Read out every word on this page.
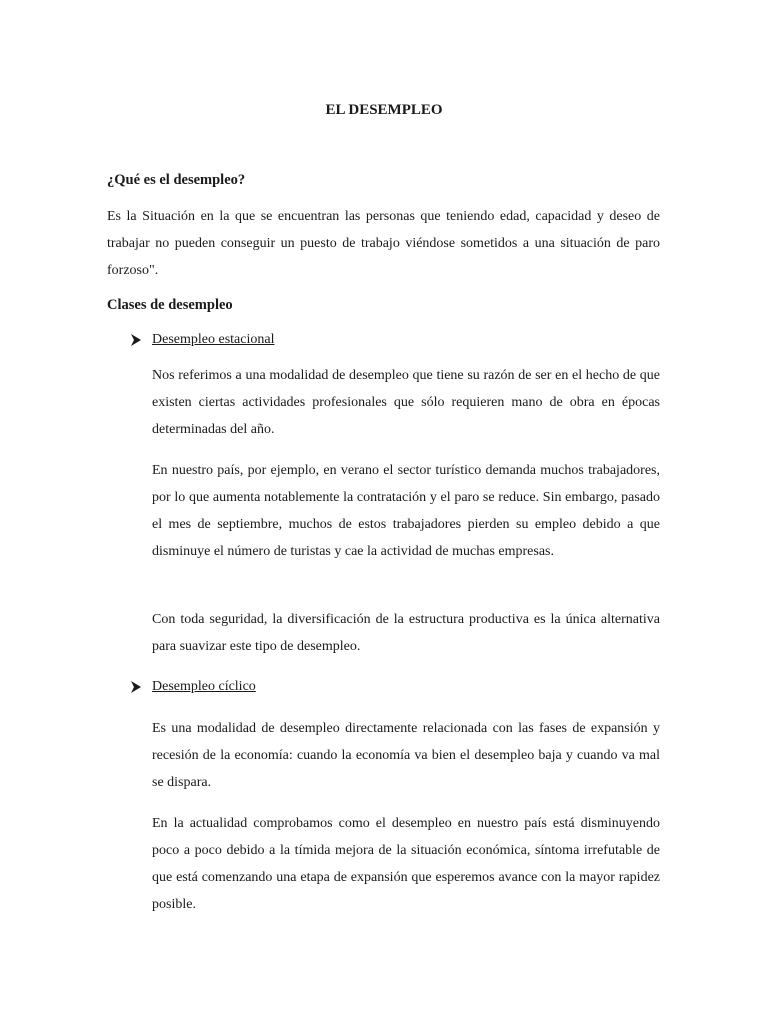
EL DESEMPLEO
¿Qué es el desempleo?

Es la Situación en la que se encuentran las personas que teniendo edad, capacidad y deseo de trabajar no pueden conseguir un puesto de trabajo viéndose sometidos a una situación de paro forzoso".

Clases de desempleo
Desempleo estacional

Nos referimos a una modalidad de desempleo que tiene su razón de ser en el hecho de que existen ciertas actividades profesionales que sólo requieren mano de obra en épocas determinadas del año.

En nuestro país, por ejemplo, en verano el sector turístico demanda muchos trabajadores, por lo que aumenta notablemente la contratación y el paro se reduce. Sin embargo, pasado el mes de septiembre, muchos de estos trabajadores pierden su empleo debido a que disminuye el número de turistas y cae la actividad de muchas empresas.

Con toda seguridad, la diversificación de la estructura productiva es la única alternativa para suavizar este tipo de desempleo.

Desempleo cíclico

Es una modalidad de desempleo directamente relacionada con las fases de expansión y recesión de la economía: cuando la economía va bien el desempleo baja y cuando va mal se dispara.

En la actualidad comprobamos como el desempleo en nuestro país está disminuyendo poco a poco debido a la tímida mejora de la situación económica, síntoma irrefutable de que está comenzando una etapa de expansión que esperemos avance con la mayor rapidez posible.
